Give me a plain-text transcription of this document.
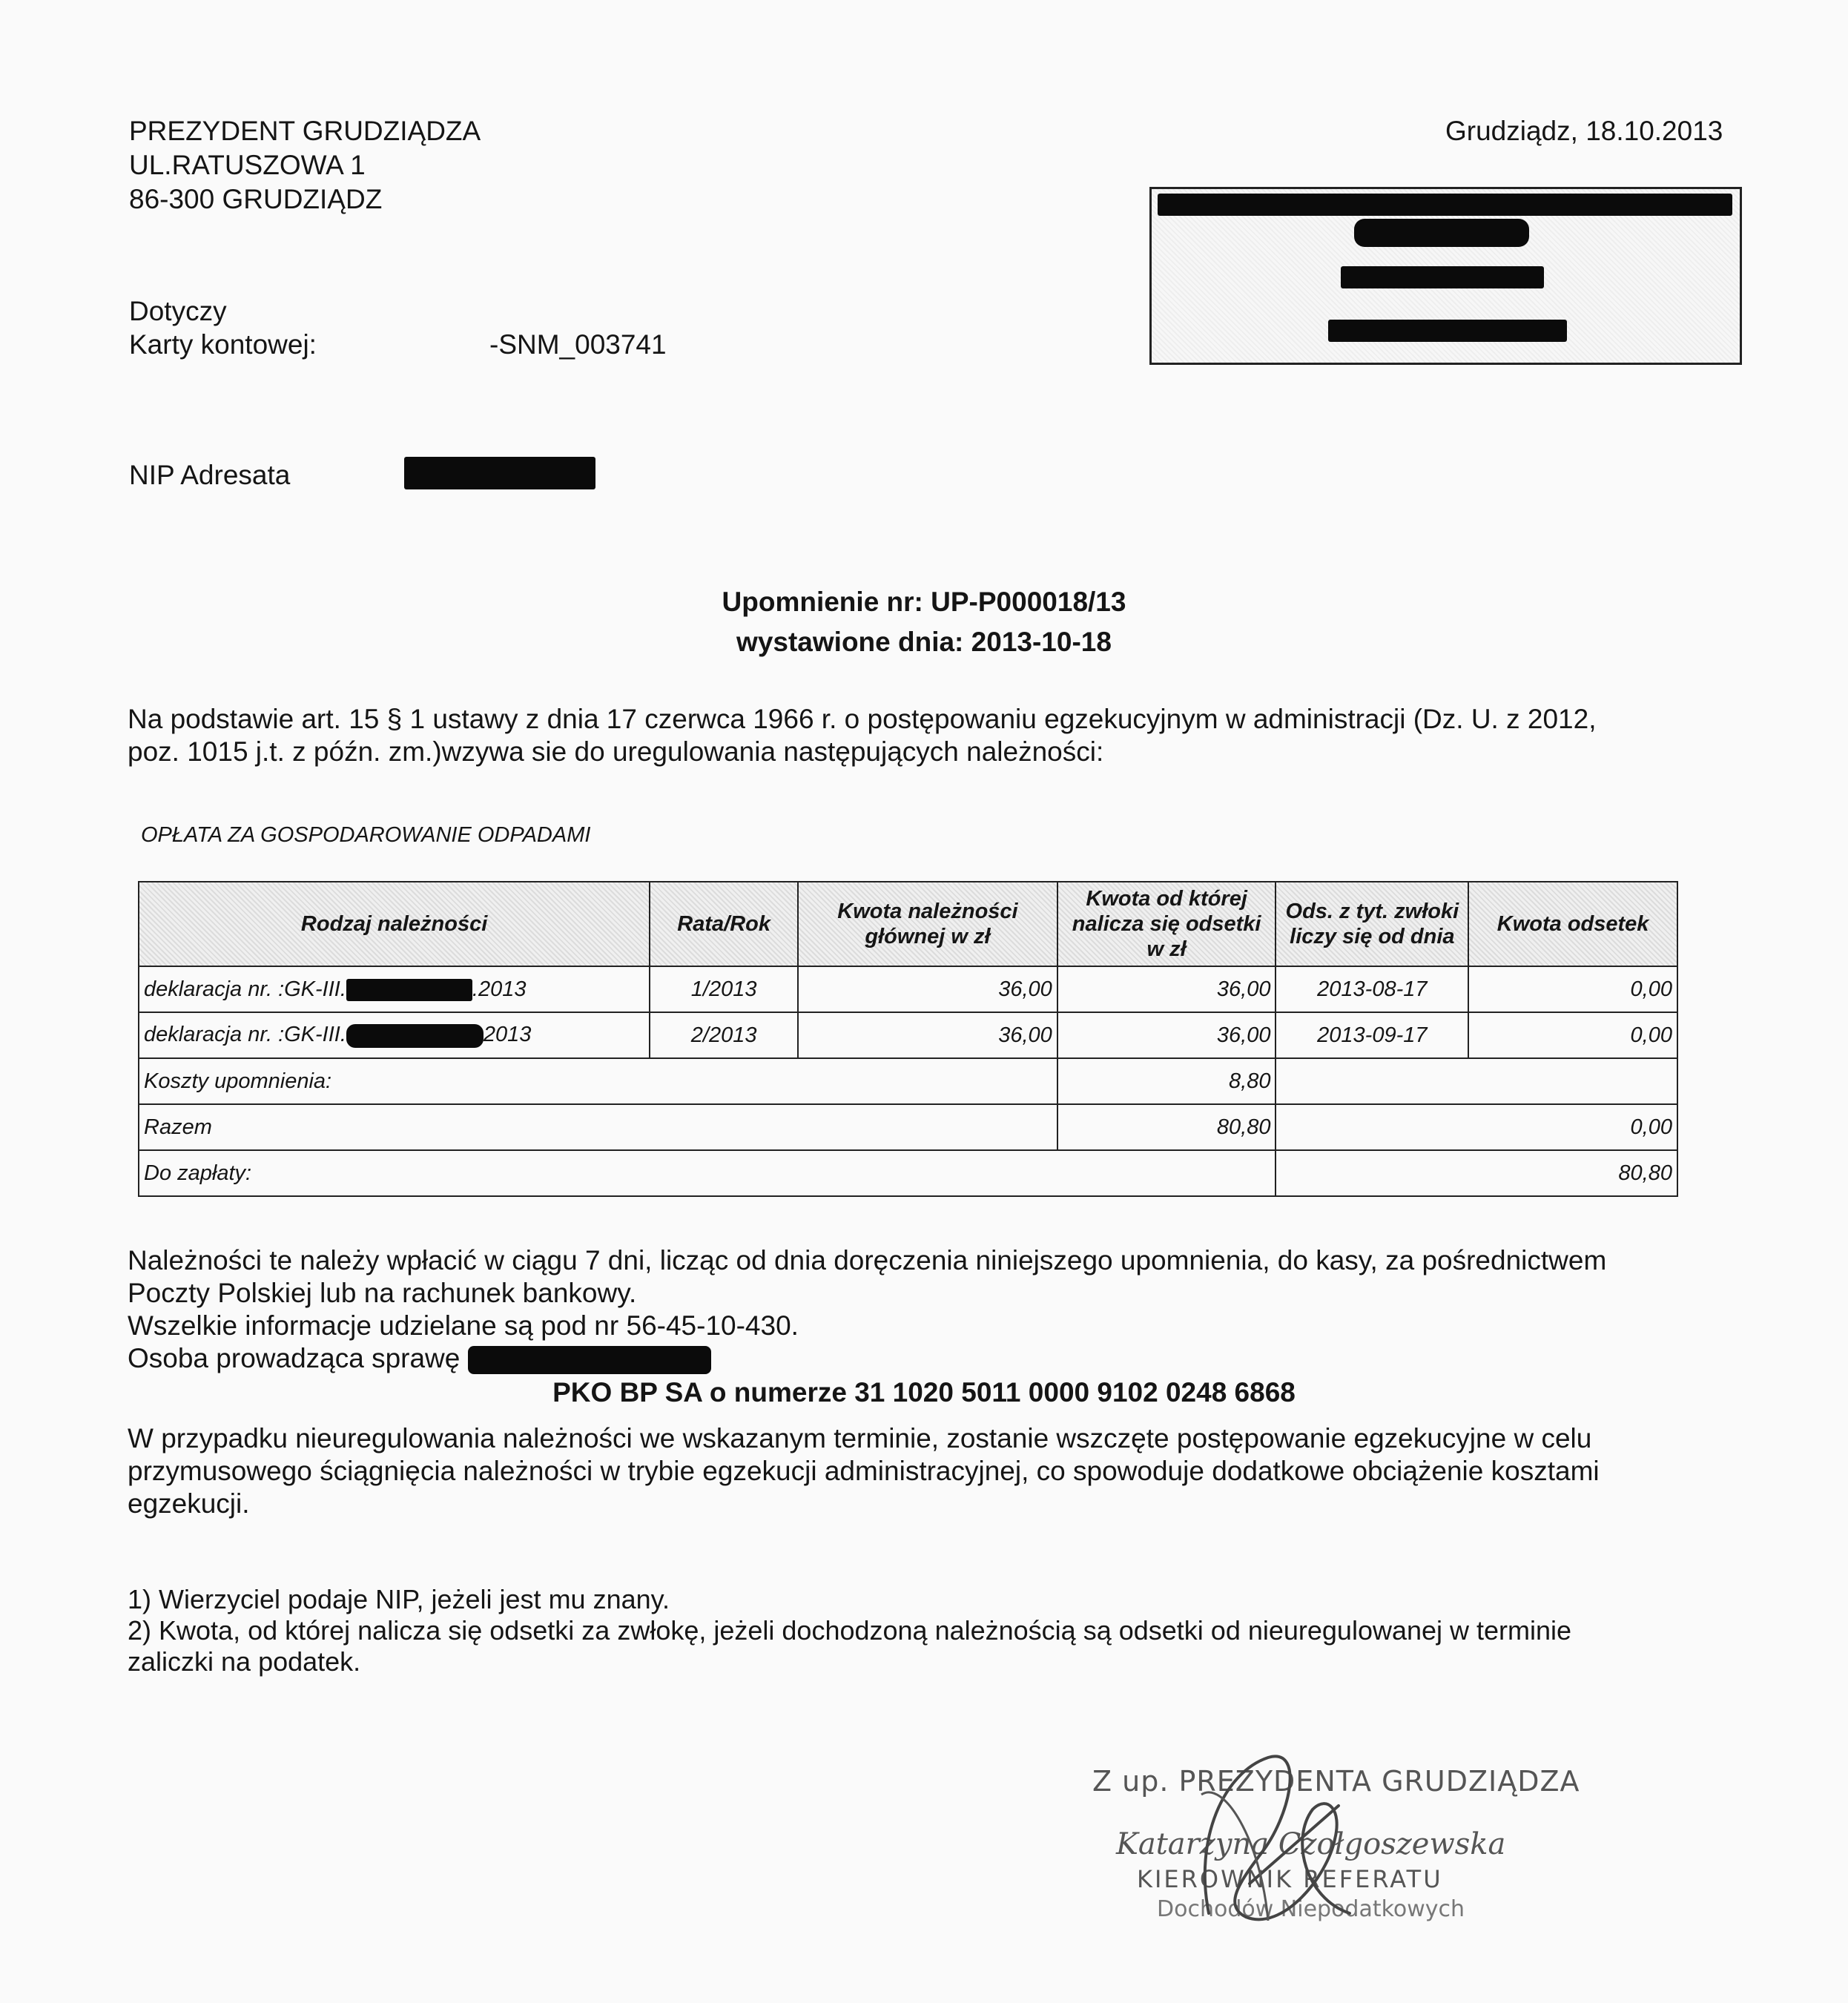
PREZYDENT GRUDZIĄDZA
UL.RATUSZOWA 1
86-300 GRUDZIĄDZ
Grudziądz, 18.10.2013
Dotyczy
Karty kontowej:	-SNM_003741
NIP Adresata
Upomnienie nr: UP-P000018/13
wystawione dnia: 2013-10-18
Na podstawie art. 15 § 1 ustawy z dnia 17 czerwca 1966 r. o postępowaniu egzekucyjnym w administracji (Dz. U. z 2012,
poz. 1015 j.t. z późn. zm.)wzywa sie do uregulowania następujących należności:
OPŁATA ZA GOSPODAROWANIE ODPADAMI
Rodzaj należności	Rata/Rok	Kwota należności głównej w zł	Kwota od której nalicza się odsetki w zł	Ods. z tyt. zwłoki liczy się od dnia	Kwota odsetek
deklaracja nr. :GK-III. .2013	1/2013	36,00	36,00	2013-08-17	0,00
deklaracja nr. :GK-III. 2013	2/2013	36,00	36,00	2013-09-17	0,00
Koszty upomnienia:			8,80		
Razem			80,80	0,00	
Do zapłaty:				80,80	
Należności te należy wpłacić w ciągu 7 dni, licząc od dnia doręczenia niniejszego upomnienia, do kasy, za pośrednictwem
Poczty Polskiej lub na rachunek bankowy.
Wszelkie informacje udzielane są pod nr 56-45-10-430.
Osoba prowadząca sprawę
PKO BP SA o numerze 31 1020 5011 0000 9102 0248 6868
W przypadku nieuregulowania należności we wskazanym terminie, zostanie wszczęte postępowanie egzekucyjne w celu
przymusowego ściągnięcia należności w trybie egzekucji administracyjnej, co spowoduje dodatkowe obciążenie kosztami
egzekucji.
1) Wierzyciel podaje NIP, jeżeli jest mu znany.
2) Kwota, od której nalicza się odsetki za zwłokę, jeżeli dochodzoną należnością są odsetki od nieuregulowanej w terminie
zaliczki na podatek.
Z up. PREZYDENTA GRUDZIĄDZA
Katarzyna Czołgoszewska
KIEROWNIK REFERATU
Dochodów Niepodatkowych
